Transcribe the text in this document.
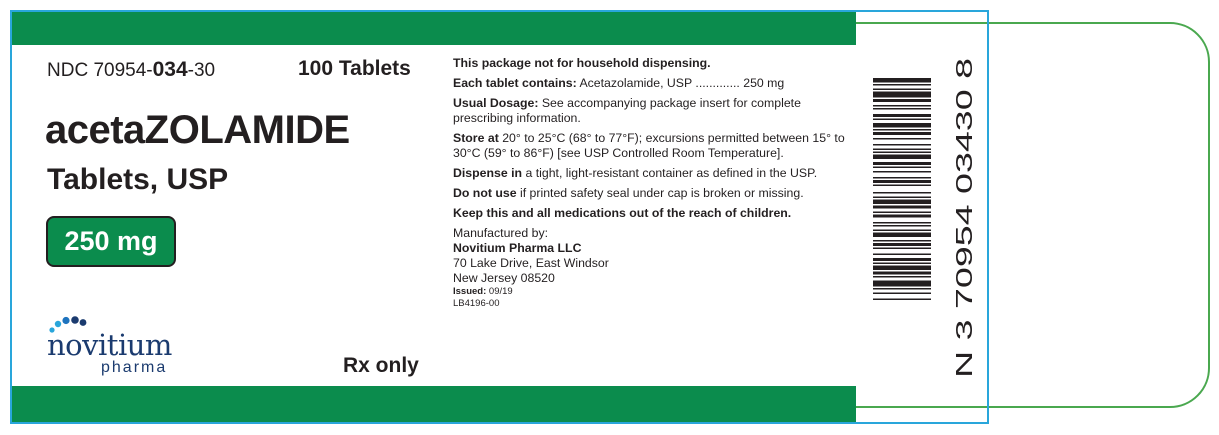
NDC 70954-034-30	100 Tablets
acetaZOLAMIDE
Tablets, USP
250 mg
novitium
pharma	Rx only

This package not for household dispensing.

Each tablet contains: Acetazolamide, USP ............. 250 mg

Usual Dosage: See accompanying package insert for complete prescribing information.

Store at 20° to 25°C (68° to 77°F); excursions permitted between 15° to 30°C (59° to 86°F) [see USP Controlled Room Temperature].

Dispense in a tight, light-resistant container as defined in the USP.

Do not use if printed safety seal under cap is broken or missing.

Keep this and all medications out of the reach of children.

Manufactured by:

Novitium Pharma LLC

70 Lake Drive, East Windsor

New Jersey 08520

Issued: 09/19

LB4196-00	N 3 70954 03430 8
